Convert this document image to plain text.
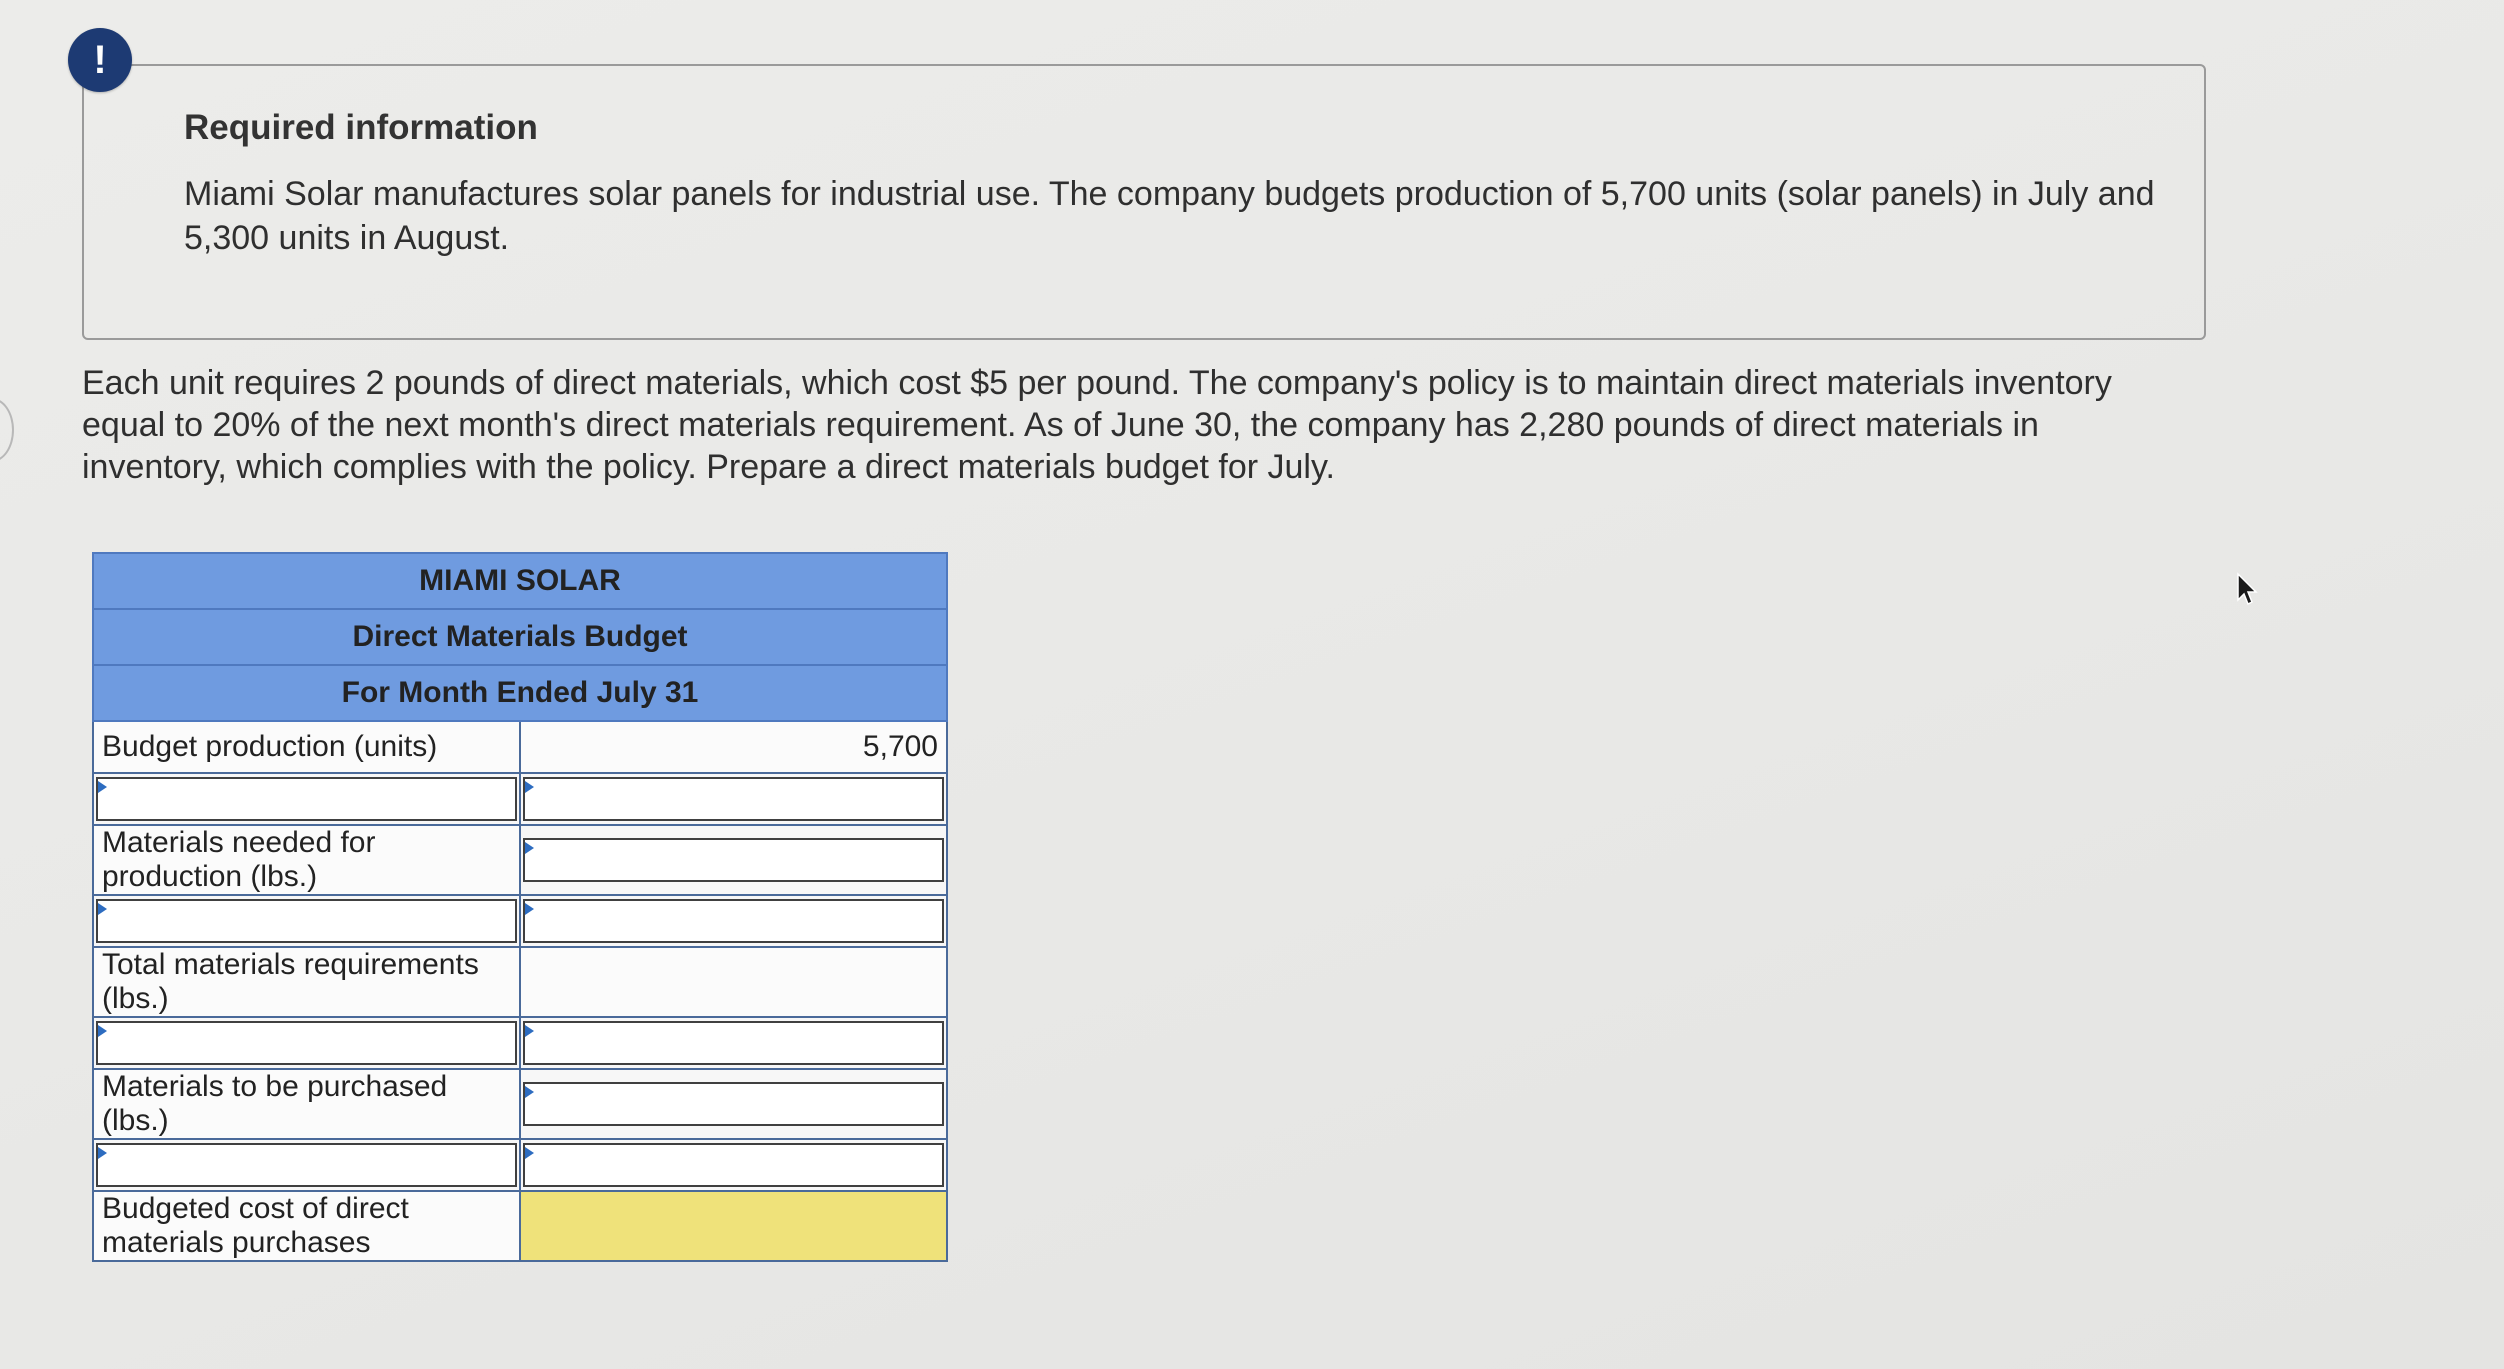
!
Required information
Miami Solar manufactures solar panels for industrial use. The company budgets production of 5,700 units (solar panels) in July and 5,300 units in August.
Each unit requires 2 pounds of direct materials, which cost $5 per pound. The company's policy is to maintain direct materials inventory equal to 20% of the next month's direct materials requirement. As of June 30, the company has 2,280 pounds of direct materials in inventory, which complies with the policy. Prepare a direct materials budget for July.
MIAMI SOLAR	
Direct Materials Budget	
For Month Ended July 31	
Budget production (units)	5,700

Materials needed for production (lbs.)	

Total materials requirements (lbs.)	

Materials to be purchased (lbs.)	

Budgeted cost of direct materials purchases	
